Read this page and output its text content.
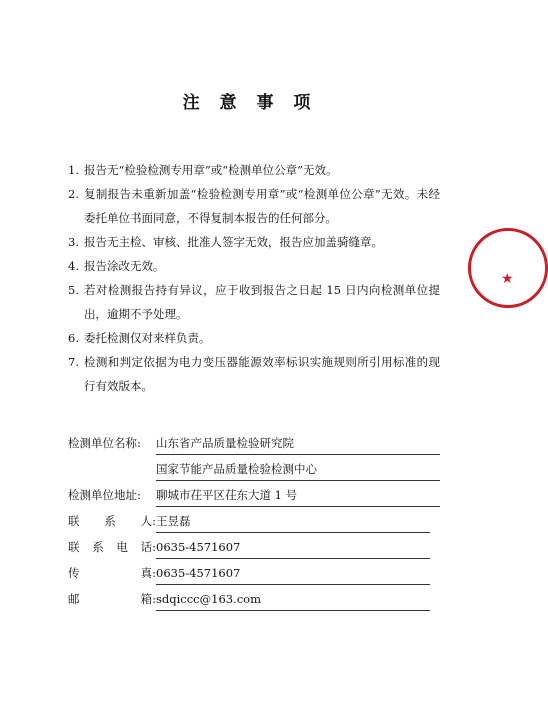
注 意 事 项
1. 报告无“检验检测专用章”或“检测单位公章”无效。
2. 复制报告未重新加盖“检验检测专用章”或“检测单位公章”无效。未经委托单位书面同意，不得复制本报告的任何部分。
3. 报告无主检、审核、批准人签字无效，报告应加盖骑缝章。
4. 报告涂改无效。
5. 若对检测报告持有异议，应于收到报告之日起 15 日内向检测单位提出，逾期不予处理。
6. 委托检测仅对来样负责。
7. 检测和判定依据为电力变压器能源效率标识实施规则所引用标准的现行有效版本。
检测单位名称:	山东省产品质量检验研究院
国家节能产品质量检验检测中心
检测单位地址:	聊城市茌平区茌东大道 1 号
联 系 人: 王昱磊
联 系 电 话: 0635-4571607
传	真: 0635-4571607
邮	箱: sdqiccc@163.com
★
